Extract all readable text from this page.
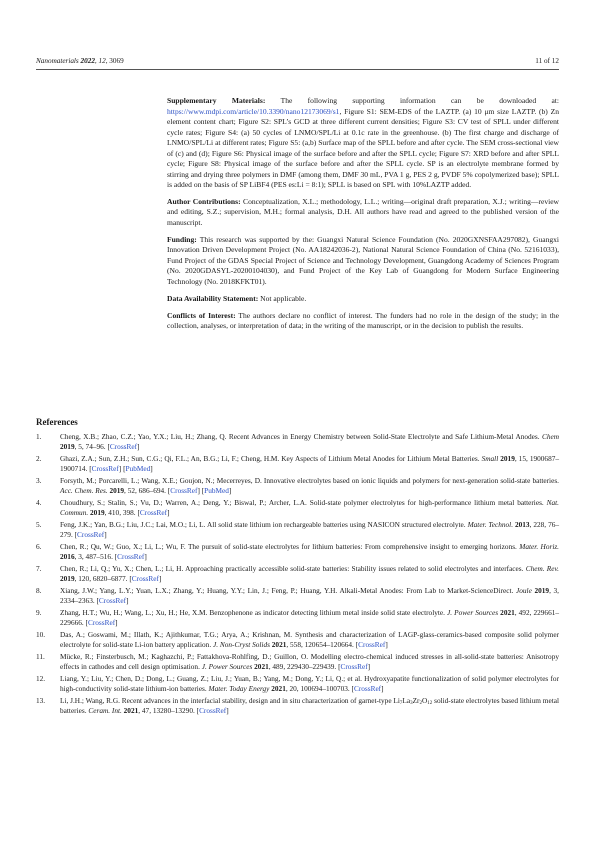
Nanomaterials 2022, 12, 3069	11 of 12

Supplementary Materials: The following supporting information can be downloaded at: https://www.mdpi.com/article/10.3390/nano12173069/s1, Figure S1: SEM-EDS of the LAZTP. (a) 10 μm size LAZTP. (b) Zn element content chart; Figure S2: SPL’s GCD at three different current densities; Figure S3: CV test of SPLL under different cycle rates; Figure S4: (a) 50 cycles of LNMO/SPL/Li at 0.1c rate in the greenhouse. (b) The first charge and discharge of LNMO/SPL/Li at different rates; Figure S5: (a,b) Surface map of the SPLL before and after cycle. The SEM cross-sectional view of (c) and (d); Figure S6: Physical image of the surface before and after the SPLL cycle; Figure S7: XRD before and after SPLL cycle; Figure S8: Physical image of the surface before and after the SPLL cycle. SP is an electrolyte membrane formed by stirring and drying three polymers in DMF (among them, DMF 30 mL, PVA 1 g, PES 2 g, PVDF 5% copolymerized base); SPLL is added on the basis of SP LiBF4 (PES es:Li = 8:1); SPLL is based on SPL with 10%LAZTP added.

Author Contributions: Conceptualization, X.L.; methodology, L.L.; writing—original draft preparation, X.J.; writing—review and editing, S.Z.; supervision, M.H.; formal analysis, D.H. All authors have read and agreed to the published version of the manuscript.

Funding: This research was supported by the: Guangxi Natural Science Foundation (No. 2020GXNSFAA297082), Guangxi Innovation Driven Development Project (No. AA18242036-2), National Natural Science Foundation of China (No. 52161033), Fund Project of the GDAS Special Project of Science and Technology Development, Guangdong Academy of Sciences Program (No. 2020GDASYL-20200104030), and Fund Project of the Key Lab of Guangdong for Modern Surface Engineering Technology (No. 2018KFKT01).

Data Availability Statement: Not applicable.

Conflicts of Interest: The authors declare no conflict of interest. The funders had no role in the design of the study; in the collection, analyses, or interpretation of data; in the writing of the manuscript, or in the decision to publish the results.

References
1.	Cheng, X.B.; Zhao, C.Z.; Yao, Y.X.; Liu, H.; Zhang, Q. Recent Advances in Energy Chemistry between Solid-State Electrolyte and Safe Lithium-Metal Anodes. Chem 2019, 5, 74–96. [CrossRef]
2.	Ghazi, Z.A.; Sun, Z.H.; Sun, C.G.; Qi, F.L.; An, B.G.; Li, F.; Cheng, H.M. Key Aspects of Lithium Metal Anodes for Lithium Metal Batteries. Small 2019, 15, 1900687–1900714. [CrossRef] [PubMed]
3.	Forsyth, M.; Porcarelli, L.; Wang, X.E.; Goujon, N.; Mecerreyes, D. Innovative electrolytes based on ionic liquids and polymers for next-generation solid-state batteries. Acc. Chem. Res. 2019, 52, 686–694. [CrossRef] [PubMed]
4.	Choudhury, S.; Stalin, S.; Vu, D.; Warren, A.; Deng, Y.; Biswal, P.; Archer, L.A. Solid-state polymer electrolytes for high-performance lithium metal batteries. Nat. Commun. 2019, 410, 398. [CrossRef]
5.	Feng, J.K.; Yan, B.G.; Liu, J.C.; Lai, M.O.; Li, L. All solid state lithium ion rechargeable batteries using NASICON structured electrolyte. Mater. Technol. 2013, 228, 76–279. [CrossRef]
6.	Chen, R.; Qu, W.; Guo, X.; Li, L.; Wu, F. The pursuit of solid-state electrolytes for lithium batteries: From comprehensive insight to emerging horizons. Mater. Horiz. 2016, 3, 487–516. [CrossRef]
7.	Chen, R.; Li, Q.; Yu, X.; Chen, L.; Li, H. Approaching practically accessible solid-state batteries: Stability issues related to solid electrolytes and interfaces. Chem. Rev. 2019, 120, 6820–6877. [CrossRef]
8.	Xiang, J.W.; Yang, L.Y.; Yuan, L.X.; Zhang, Y.; Huang, Y.Y.; Lin, J.; Feng, P.; Huang, Y.H. Alkali-Metal Anodes: From Lab to Market-ScienceDirect. Joule 2019, 3, 2334–2363. [CrossRef]
9.	Zhang, H.T.; Wu, H.; Wang, L.; Xu, H.; He, X.M. Benzophenone as indicator detecting lithium metal inside solid state electrolyte. J. Power Sources 2021, 492, 229661–229666. [CrossRef]
10. Das, A.; Goswami, M.; Illath, K.; Ajithkumar, T.G.; Arya, A.; Krishnan, M. Synthesis and characterization of LAGP-glass-ceramics-based composite solid polymer electrolyte for solid-state Li-ion battery application. J. Non-Cryst Solids 2021, 558, 120654–120664. [CrossRef]
11. Mücke, R.; Finsterbusch, M.; Kaghazchi, P.; Fattakhova-Rohlfing, D.; Guillon, O. Modelling electro-chemical induced stresses in all-solid-state batteries: Anisotropy effects in cathodes and cell design optimisation. J. Power Sources 2021, 489, 229430–229439. [CrossRef]
12. Liang, Y.; Liu, Y.; Chen, D.; Dong, L.; Guang, Z.; Liu, J.; Yuan, B.; Yang, M.; Dong, Y.; Li, Q.; et al. Hydroxyapatite functionalization of solid polymer electrolytes for high-conductivity solid-state lithium-ion batteries. Mater. Today Energy 2021, 20, 100694–100703. [CrossRef]
13. Li, J.H.; Wang, R.G. Recent advances in the interfacial stability, design and in situ characterization of garnet-type $Li_7La_3Zr_2O_{12}$ solid-state electrolytes based lithium metal batteries. Ceram. Int. 2021, 47, 13280–13290. [CrossRef]
